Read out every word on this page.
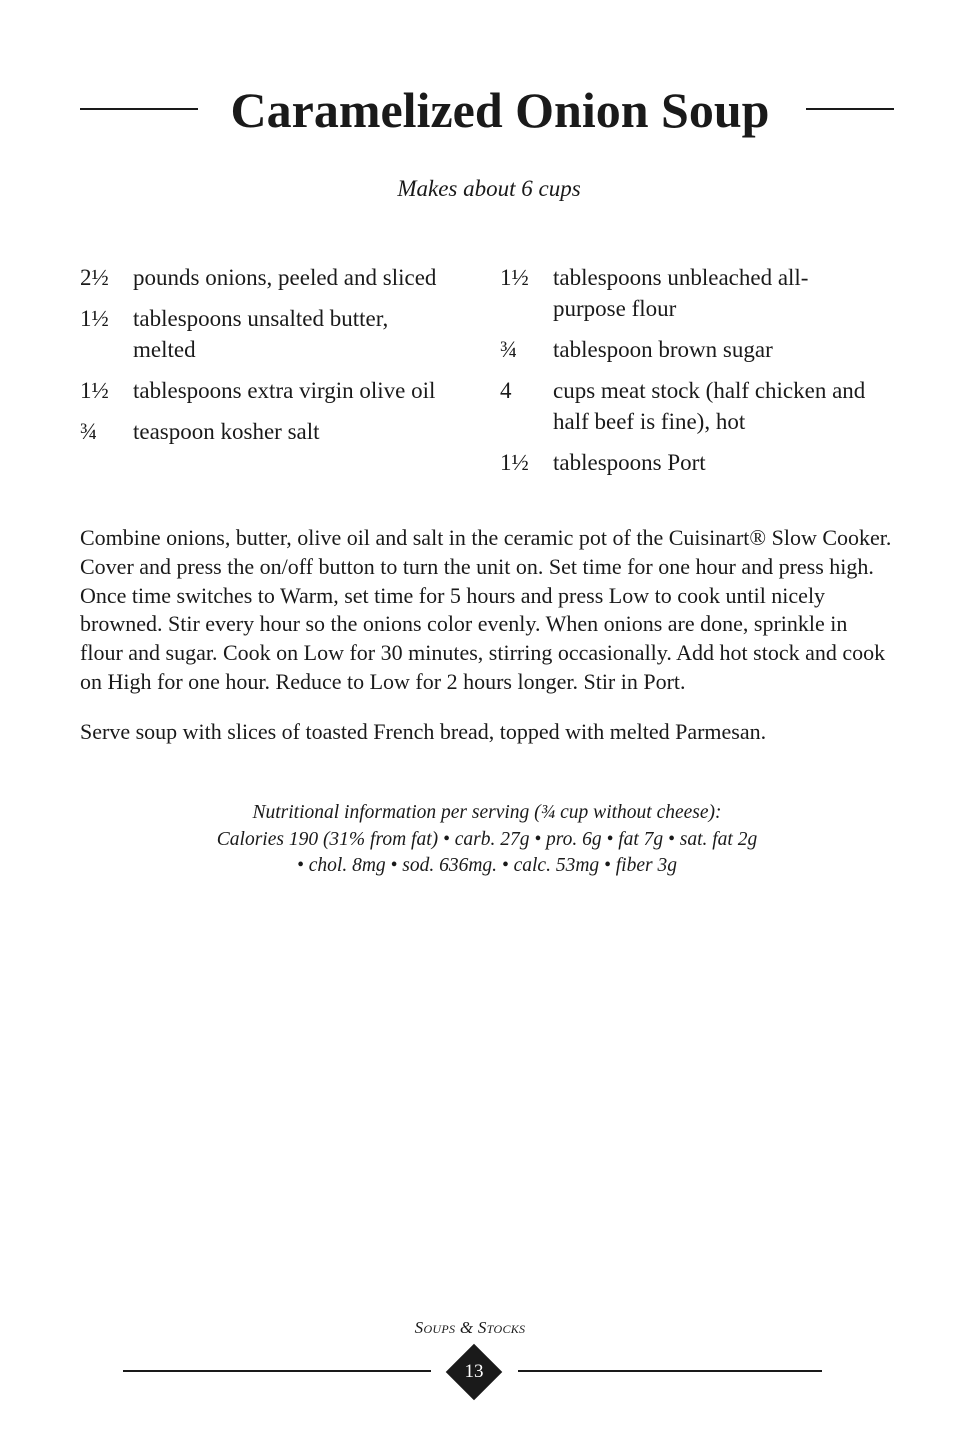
Caramelized Onion Soup
Makes about 6 cups
2½	pounds onions, peeled and sliced
1½	tablespoons unsalted butter, melted
1½	tablespoons extra virgin olive oil
¾	teaspoon kosher salt
1½	tablespoons unbleached all-purpose flour
¾	tablespoon brown sugar
4	cups meat stock (half chicken and half beef is fine), hot
1½	tablespoons Port

Combine onions, butter, olive oil and salt in the ceramic pot of the Cuisinart® Slow Cooker. Cover and press the on/off button to turn the unit on. Set time for one hour and press high. Once time switches to Warm, set time for 5 hours and press Low to cook until nicely browned. Stir every hour so the onions color evenly. When onions are done, sprinkle in flour and sugar. Cook on Low for 30 minutes, stirring occasionally. Add hot stock and cook on High for one hour. Reduce to Low for 2 hours longer. Stir in Port.

Serve soup with slices of toasted French bread, topped with melted Parmesan.

Nutritional information per serving (¾ cup without cheese):
Calories 190 (31% from fat) • carb. 27g • pro. 6g • fat 7g • sat. fat 2g
• chol. 8mg • sod. 636mg. • calc. 53mg • fiber 3g
Soups & Stocks
13
